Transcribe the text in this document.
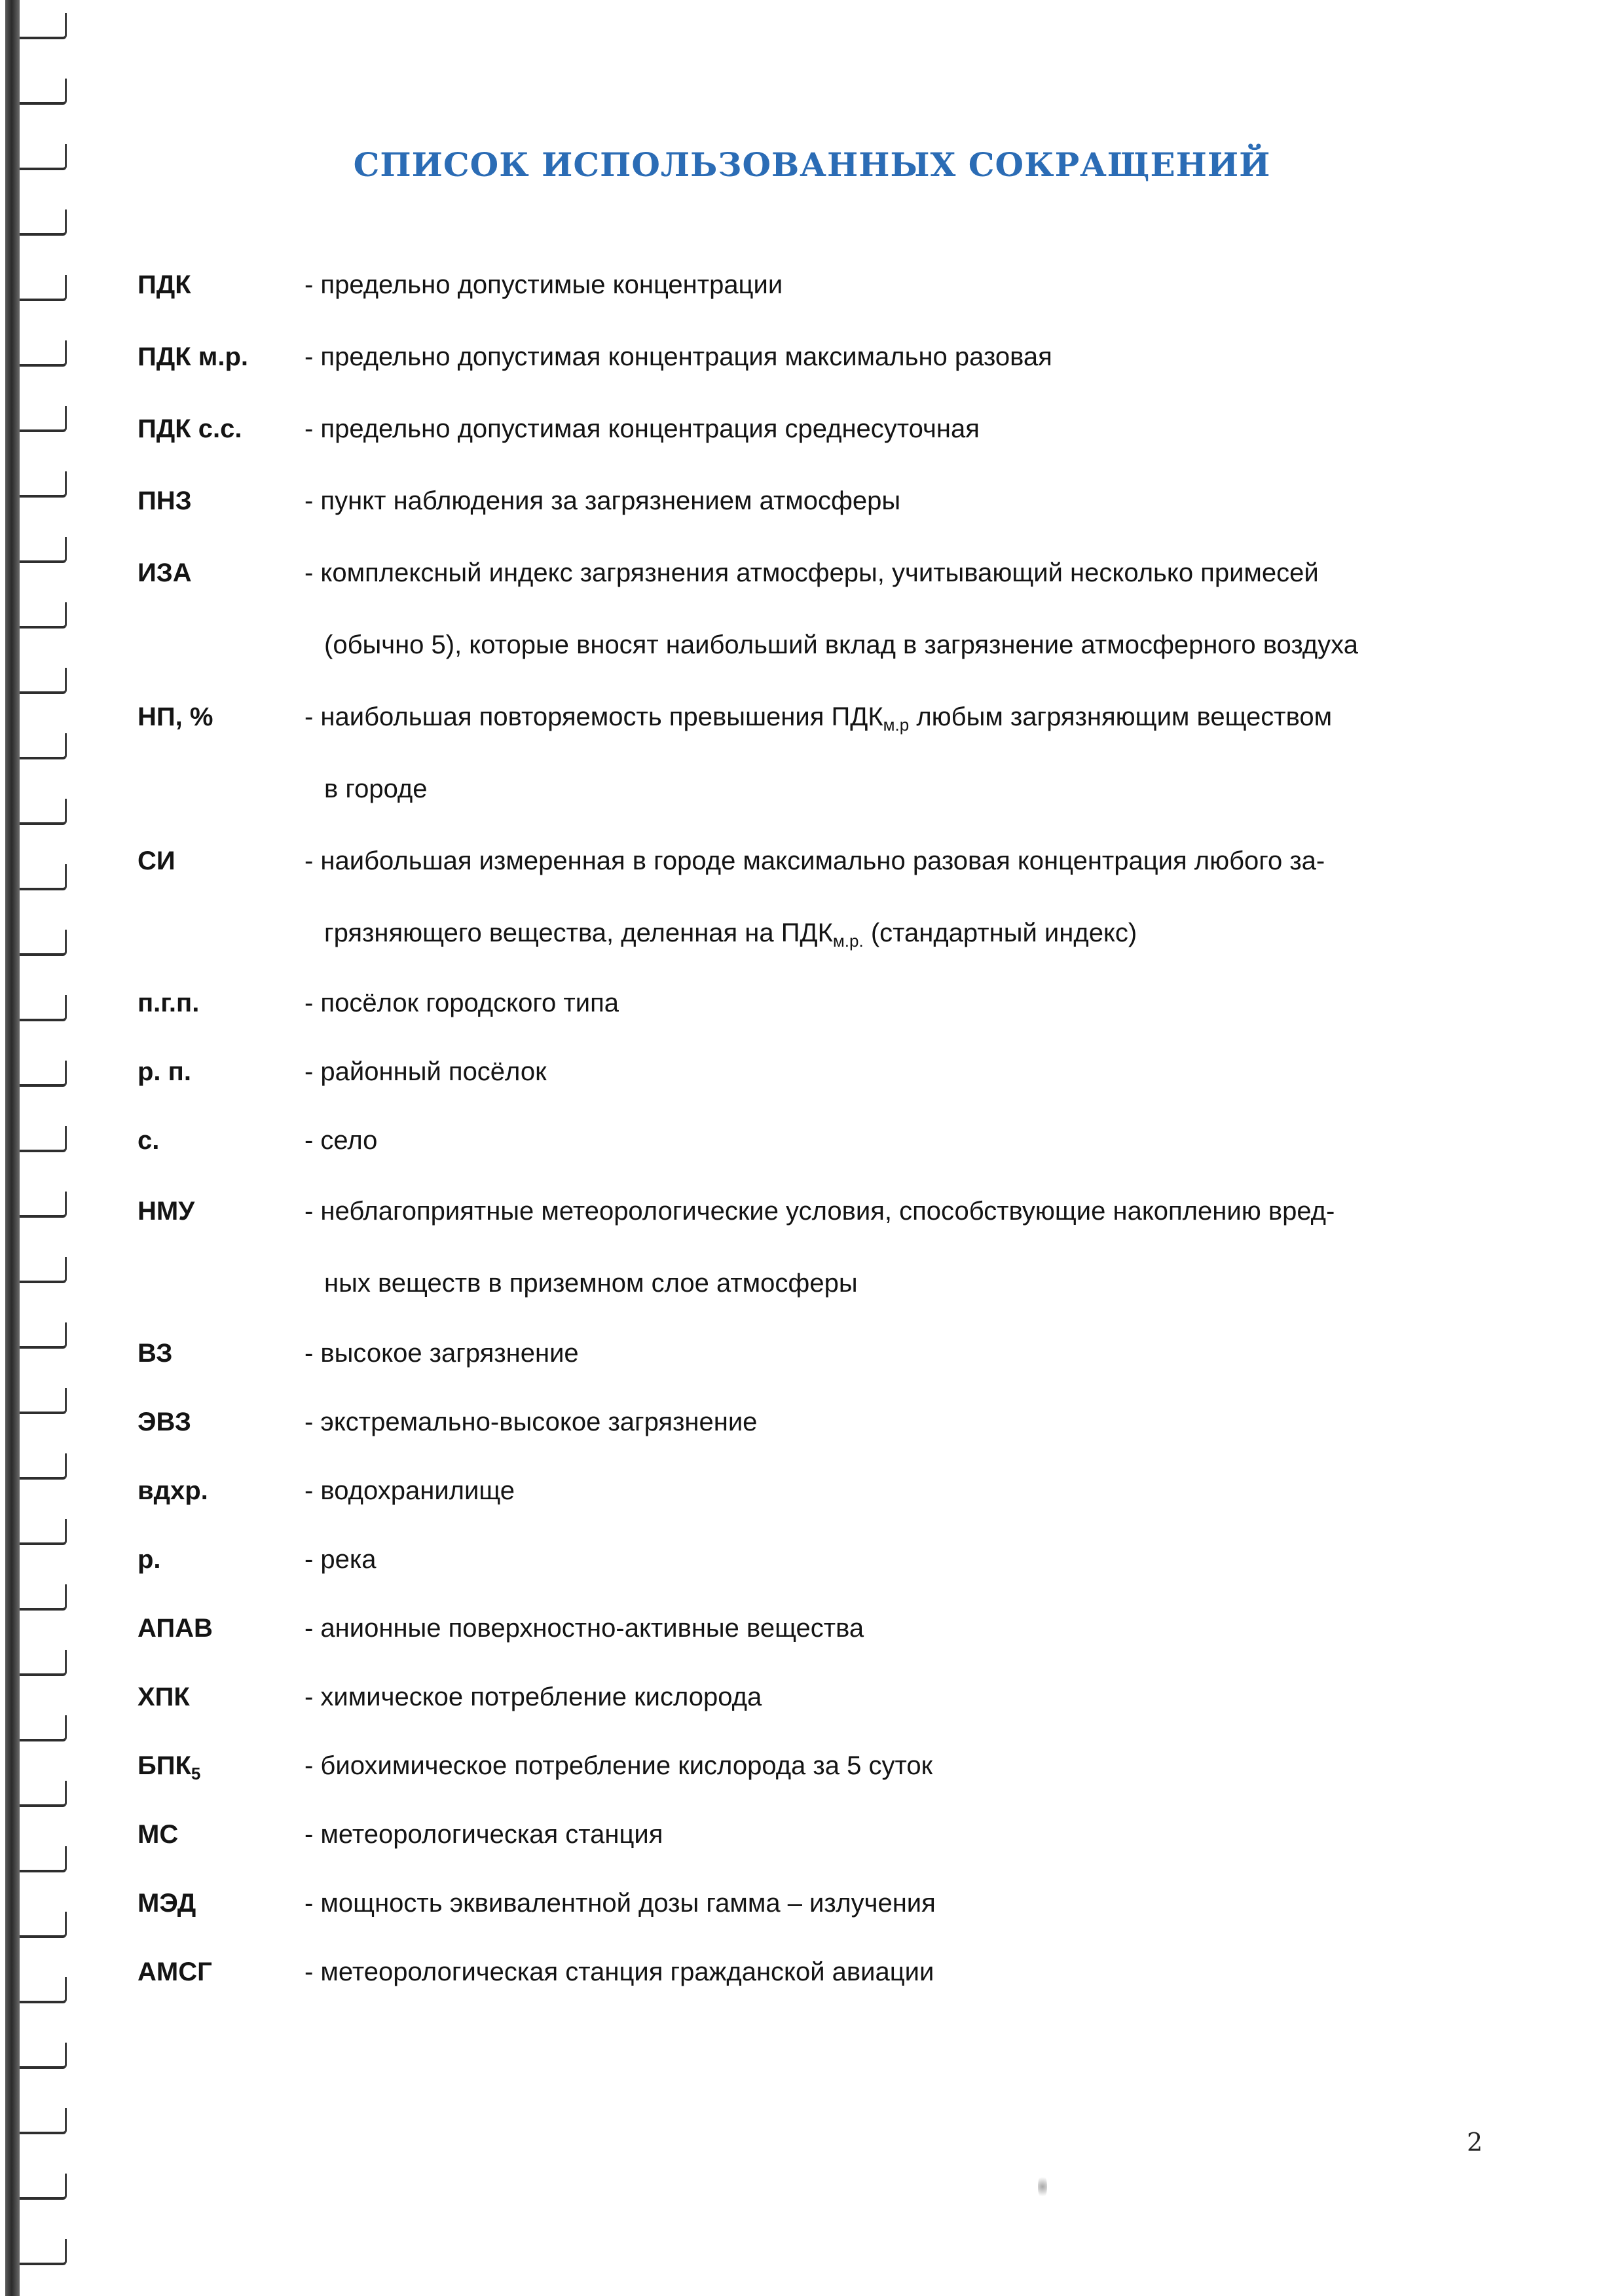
СПИСОК ИСПОЛЬЗОВАННЫХ СОКРАЩЕНИЙ
ПДК	- предельно допустимые концентрации
ПДК м.р.	- предельно допустимая концентрация максимально разовая
ПДК с.с.	- предельно допустимая концентрация среднесуточная
ПНЗ	- пункт наблюдения за загрязнением атмосферы
ИЗА	- комплексный индекс загрязнения атмосферы, учитывающий несколько примесей
(обычно 5), которые вносят наибольший вклад в загрязнение атмосферного воздуха
НП, %	- наибольшая повторяемость превышения $ПДК_{м.р}$ любым загрязняющим веществом
в городе
СИ	- наибольшая измеренная в городе максимально разовая концентрация любого за-
грязняющего вещества, деленная на $ПДК_{м.р.}$ (стандартный индекс)
п.г.п.	- посёлок городского типа
р. п.	- районный посёлок
с.	- село
НМУ	- неблагоприятные метеорологические условия, способствующие накоплению вред-
ных веществ в приземном слое атмосферы
ВЗ	- высокое загрязнение
ЭВЗ	- экстремально-высокое загрязнение
вдхр.	- водохранилище
р.	- река
АПАВ	- анионные поверхностно-активные вещества
ХПК	- химическое потребление кислорода
$БПК_5$	- биохимическое потребление кислорода за 5 суток
МС	- метеорологическая станция
МЭД	- мощность эквивалентной дозы гамма – излучения
АМСГ	- метеорологическая станция гражданской авиации
2
